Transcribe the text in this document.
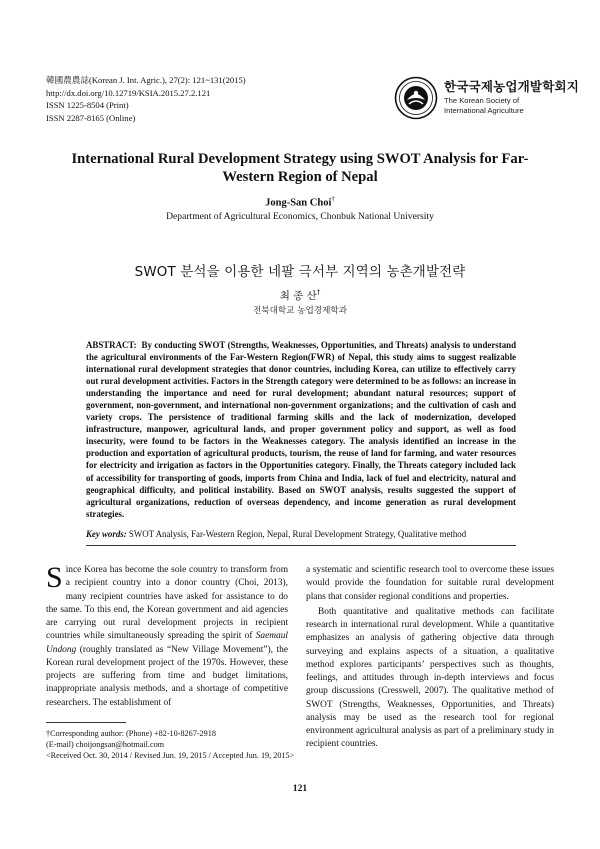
韓國農農誌(Korean J. Int. Agric.), 27(2): 121~131(2015)
http://dx.doi.org/10.12719/KSIA.2015.27.2.121
ISSN 1225-8504 (Print)
ISSN 2287-8165 (Online)
한국국제농업개발학회지
The Korean Society of International Agriculture
International Rural Development Strategy using SWOT Analysis for Far-Western Region of Nepal
Jong-San Choi†
Department of Agricultural Economics, Chonbuk National University
SWOT 분석을 이용한 네팔 극서부 지역의 농촌개발전략
최 종 산†
전북대학교 농업경제학과
ABSTRACT: By conducting SWOT (Strengths, Weaknesses, Opportunities, and Threats) analysis to understand the agricultural environments of the Far-Western Region(FWR) of Nepal, this study aims to suggest realizable international rural development strategies that donor countries, including Korea, can utilize to effectively carry out rural development activities. Factors in the Strength category were determined to be as follows: an increase in understanding the importance and need for rural development; abundant natural resources; support of government, non-government, and international non-government organizations; and the cultivation of cash and variety crops. The persistence of traditional farming skills and the lack of modernization, developed infrastructure, manpower, agricultural lands, and proper government policy and support, as well as food insecurity, were found to be factors in the Weaknesses category. The analysis identified an increase in the production and exportation of agricultural products, tourism, the reuse of land for farming, and water resources for electricity and irrigation as factors in the Opportunities category. Finally, the Threats category included lack of accessibility for transporting of goods, imports from China and India, lack of fuel and electricity, natural and geographical difficulty, and political instability. Based on SWOT analysis, results suggested the support of agricultural organizations, reduction of overseas dependency, and income generation as rural development strategies.
Key words: SWOT Analysis, Far-Western Region, Nepal, Rural Development Strategy, Qualitative method

Since Korea has become the sole country to transform from a recipient country into a donor country (Choi, 2013), many recipient countries have asked for assistance to do the same. To this end, the Korean government and aid agencies are carrying out rural development projects in recipient countries while simultaneously spreading the spirit of Saemaul Undong (roughly translated as “New Village Movement”), the Korean rural development project of the 1970s. However, these projects are suffering from time and budget limitations, inappropriate analysis methods, and a shortage of competitive researchers. The establishment of

a systematic and scientific research tool to overcome these issues would provide the foundation for suitable rural development plans that consider regional conditions and properties.

Both quantitative and qualitative methods can facilitate research in international rural development. While a quantitative emphasizes an analysis of gathering objective data through surveying and explains aspects of a situation, a qualitative method explores participants’ perspectives such as thoughts, feelings, and attitudes through in-depth interviews and focus group discussions (Cresswell, 2007). The qualitative method of SWOT (Strengths, Weaknesses, Opportunities, and Threats) analysis may be used as the research tool for regional environment agricultural analysis as part of a preliminary study in recipient countries.

†Corresponding author: (Phone) +82-10-8267-2918
(E-mail) choijongsan@hotmail.com
<Received Oct. 30, 2014 / Revised Jun. 19, 2015 / Accepted Jun. 19, 2015>
121
